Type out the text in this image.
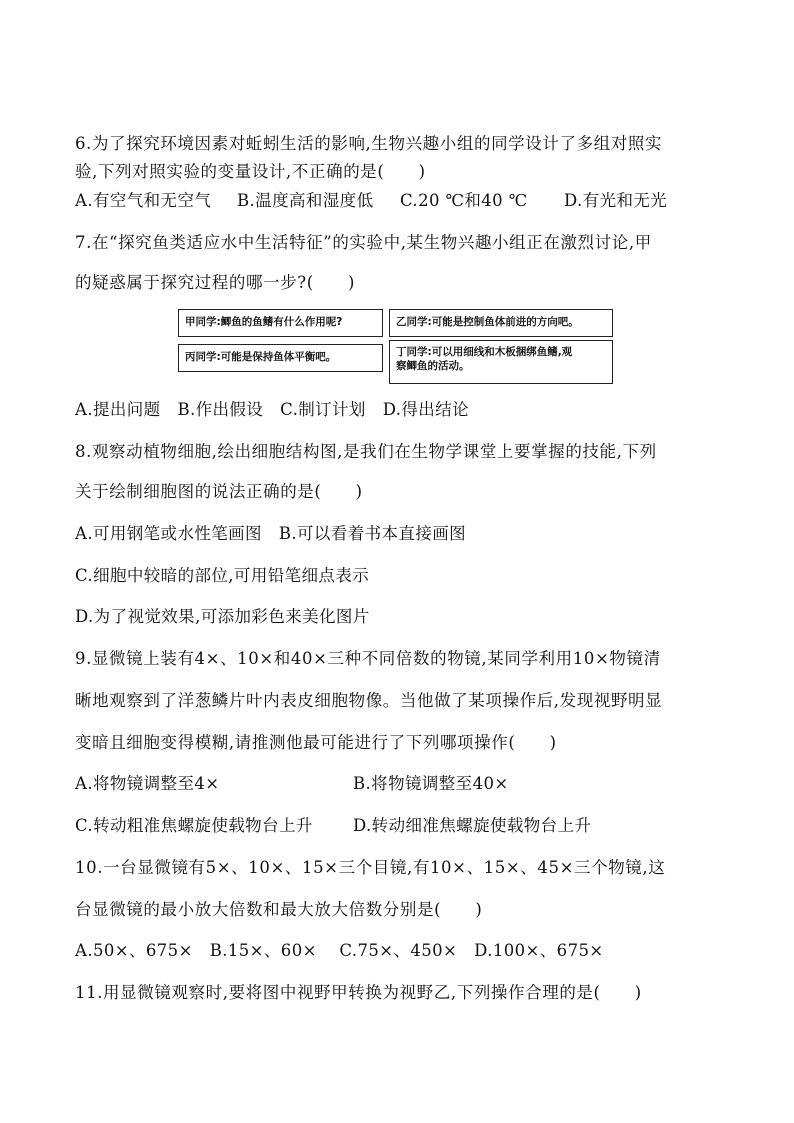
6.为了探究环境因素对蚯蚓生活的影响,生物兴趣小组的同学设计了多组对照实
验,下列对照实验的变量设计,不正确的是(　　)
A.有空气和无空气 B.温度高和湿度低 C.20 ℃和40 ℃ D.有光和无光
7.在“探究鱼类适应水中生活特征”的实验中,某生物兴趣小组正在激烈讨论,甲
的疑惑属于探究过程的哪一步?(　　)
甲同学:鲫鱼的鱼鳍有什么作用呢?	乙同学:可能是控制鱼体前进的方向吧。
丙同学:可能是保持鱼体平衡吧。	丁同学:可以用细线和木板捆绑鱼鳍,观
察鲫鱼的活动。
A.提出问题　B.作出假设　C.制订计划　D.得出结论
8.观察动植物细胞,绘出细胞结构图,是我们在生物学课堂上要掌握的技能,下列
关于绘制细胞图的说法正确的是(　　)
A.可用钢笔或水性笔画图　B.可以看着书本直接画图
C.细胞中较暗的部位,可用铅笔细点表示
D.为了视觉效果,可添加彩色来美化图片
9.显微镜上装有4×、10×和40×三种不同倍数的物镜,某同学利用10×物镜清
晰地观察到了洋葱鳞片叶内表皮细胞物像。当他做了某项操作后,发现视野明显
变暗且细胞变得模糊,请推测他最可能进行了下列哪项操作(　　)
A.将物镜调整至4×	B.将物镜调整至40×
C.转动粗准焦螺旋使载物台上升 D.转动细准焦螺旋使载物台上升
10.一台显微镜有5×、10×、15×三个目镜,有10×、15×、45×三个物镜,这
台显微镜的最小放大倍数和最大放大倍数分别是(　　)
A.50×、675×　B.15×、60×　 C.75×、450×　D.100×、675×
11.用显微镜观察时,要将图中视野甲转换为视野乙,下列操作合理的是(　　)
